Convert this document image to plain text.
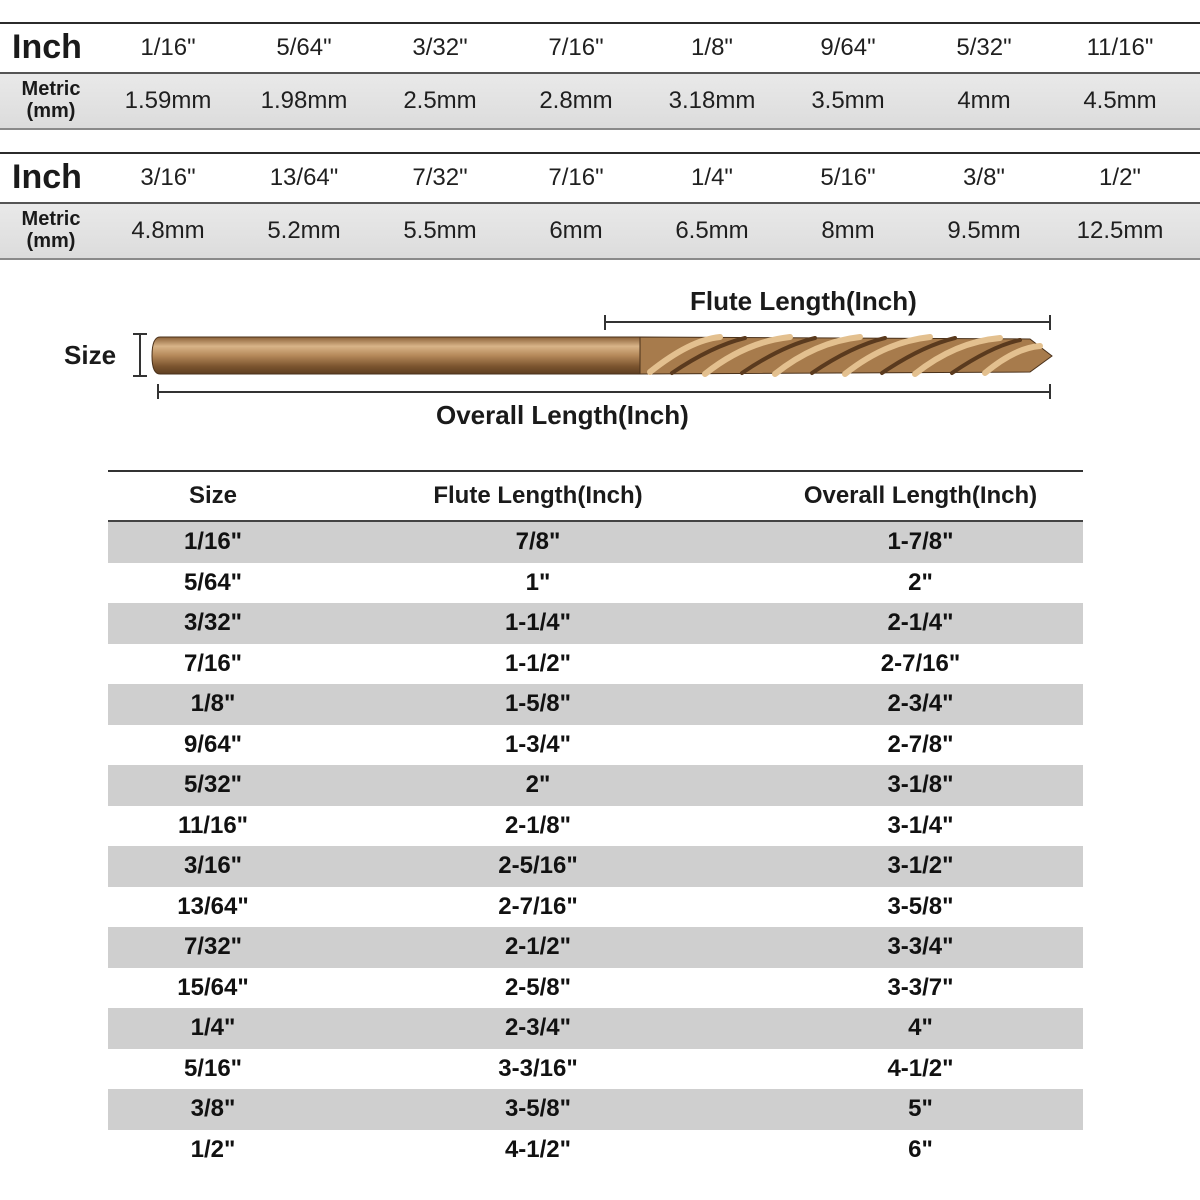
Inch	1/16"	5/64"	3/32"	7/16"	1/8"	9/64"	5/32"	11/16"
Metric
(mm)	1.59mm	1.98mm	2.5mm	2.8mm	3.18mm	3.5mm	4mm	4.5mm
Inch	3/16"	13/64"	7/32"	7/16"	1/4"	5/16"	3/8"	1/2"
Metric
(mm)	4.8mm	5.2mm	5.5mm	6mm	6.5mm	8mm	9.5mm	12.5mm
Flute Length(Inch)
Size
Overall Length(Inch)
Size	Flute Length(Inch)	Overall Length(Inch)
1/16"	7/8"	1-7/8"
5/64"	1"	2"
3/32"	1-1/4"	2-1/4"
7/16"	1-1/2"	2-7/16"
1/8"	1-5/8"	2-3/4"
9/64"	1-3/4"	2-7/8"
5/32"	2"	3-1/8"
11/16"	2-1/8"	3-1/4"
3/16"	2-5/16"	3-1/2"
13/64"	2-7/16"	3-5/8"
7/32"	2-1/2"	3-3/4"
15/64"	2-5/8"	3-3/7"
1/4"	2-3/4"	4"
5/16"	3-3/16"	4-1/2"
3/8"	3-5/8"	5"
1/2"	4-1/2"	6"
